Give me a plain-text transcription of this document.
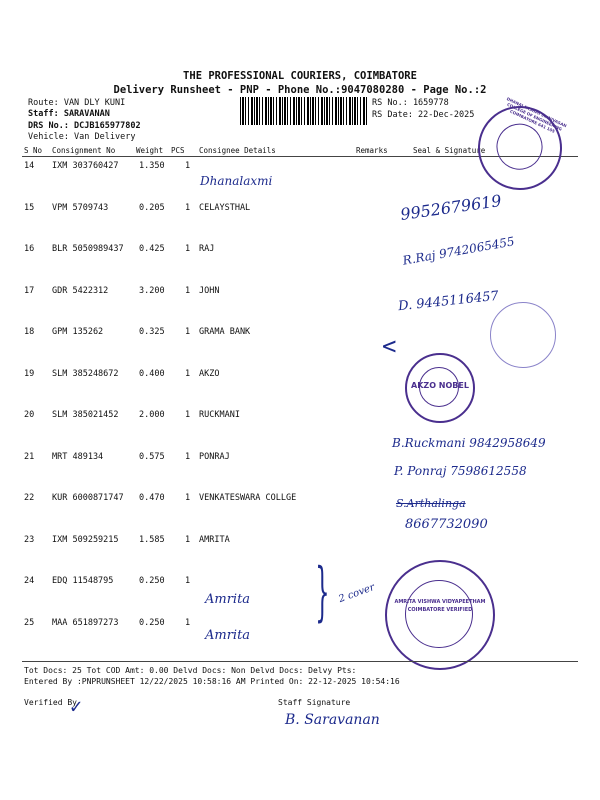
THE PROFESSIONAL COURIERS, COIMBATORE
Delivery Runsheet - PNP - Phone No.:9047080280 - Page No.:2
Route: VAN DLY KUNI
Staff: SARAVANAN
DRS No.: DCJB165977802
Vehicle: Van Delivery
RS No.: 1659778
RS Date: 22-Dec-2025
S No Consignment No	Weight PCS Consignee Details	Remarks	Seal & Signature
14 IXM 303760427 1.350 1
15 VPM 5709743	0.205 1 CELAYSTHAL
16 BLR 5050989437 0.425 1 RAJ
17 GDR 5422312	3.200 1 JOHN
18 GPM 135262	0.325 1 GRAMA BANK
19 SLM 385248672 0.400 1 AKZO
20 SLM 385021452 2.000 1 RUCKMANI
21 MRT 489134	0.575 1 PONRAJ
22 KUR 6000871747 0.470 1 VENKATESWARA COLLGE
23 IXM 509259215 1.585 1 AMRITA
24 EDQ 11548795	0.250 1
25 MAA 651897273 0.250 1
Dhanalaxmi
9952679619
R.Raj 9742065455
D. 9445116457
B.Ruckmani 9842958649
P. Ponraj 7598612558
S.Arthalinga
8667732090
Amrita
Amrita
2 cover
}
<
B. Saravanan
✓
DHANALAKSHMI SRINIVASAN COLLEGE OF ENGINEERING COIMBATORE 641 105
AKZO NOBEL
AMRITA VISHWA VIDYAPEETHAM COIMBATORE VERIFIED
Tot Docs: 25 Tot COD Amt: 0.00 Delvd Docs: Non Delvd Docs: Delvy Pts:
Entered By :PNPRUNSHEET 12/22/2025 10:58:16 AM Printed On: 22-12-2025 10:54:16
Verified By	Staff Signature
